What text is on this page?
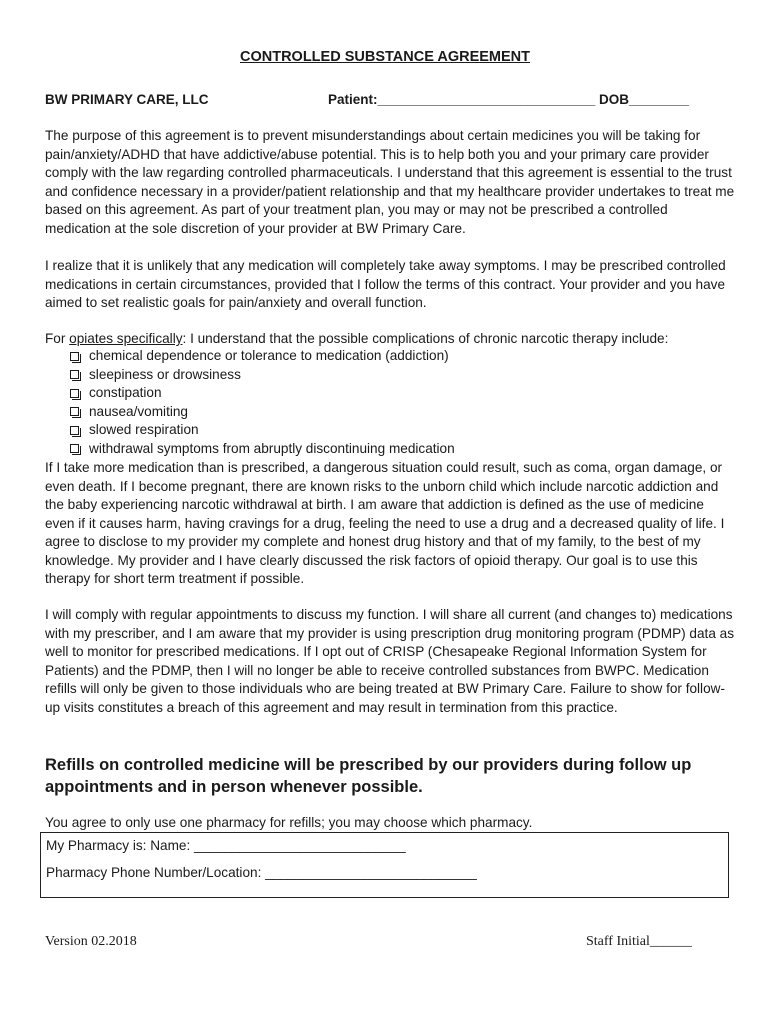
CONTROLLED SUBSTANCE AGREEMENT
BW PRIMARY CARE, LLC	Patient:_____________________________ DOB________

The purpose of this agreement is to prevent misunderstandings about certain medicines you will be taking for pain/anxiety/ADHD that have addictive/abuse potential. This is to help both you and your primary care provider comply with the law regarding controlled pharmaceuticals. I understand that this agreement is essential to the trust and confidence necessary in a provider/patient relationship and that my healthcare provider undertakes to treat me based on this agreement. As part of your treatment plan, you may or may not be prescribed a controlled medication at the sole discretion of your provider at BW Primary Care.

I realize that it is unlikely that any medication will completely take away symptoms. I may be prescribed controlled medications in certain circumstances, provided that I follow the terms of this contract. Your provider and you have aimed to set realistic goals for pain/anxiety and overall function.

For opiates specifically: I understand that the possible complications of chronic narcotic therapy include:

chemical dependence or tolerance to medication (addiction)
sleepiness or drowsiness
constipation
nausea/vomiting
slowed respiration
withdrawal symptoms from abruptly discontinuing medication

If I take more medication than is prescribed, a dangerous situation could result, such as coma, organ damage, or even death. If I become pregnant, there are known risks to the unborn child which include narcotic addiction and the baby experiencing narcotic withdrawal at birth. I am aware that addiction is defined as the use of medicine even if it causes harm, having cravings for a drug, feeling the need to use a drug and a decreased quality of life. I agree to disclose to my provider my complete and honest drug history and that of my family, to the best of my knowledge. My provider and I have clearly discussed the risk factors of opioid therapy. Our goal is to use this therapy for short term treatment if possible.

I will comply with regular appointments to discuss my function. I will share all current (and changes to) medications with my prescriber, and I am aware that my provider is using prescription drug monitoring program (PDMP) data as well to monitor for prescribed medications. If I opt out of CRISP (Chesapeake Regional Information System for Patients) and the PDMP, then I will no longer be able to receive controlled substances from BWPC. Medication refills will only be given to those individuals who are being treated at BW Primary Care. Failure to show for follow-up visits constitutes a breach of this agreement and may result in termination from this practice.

Refills on controlled medicine will be prescribed by our providers during follow up appointments and in person whenever possible.

You agree to only use one pharmacy for refills; you may choose which pharmacy.
My Pharmacy is: Name: ____________________________
Pharmacy Phone Number/Location: ____________________________
Version 02.2018	Staff Initial______
